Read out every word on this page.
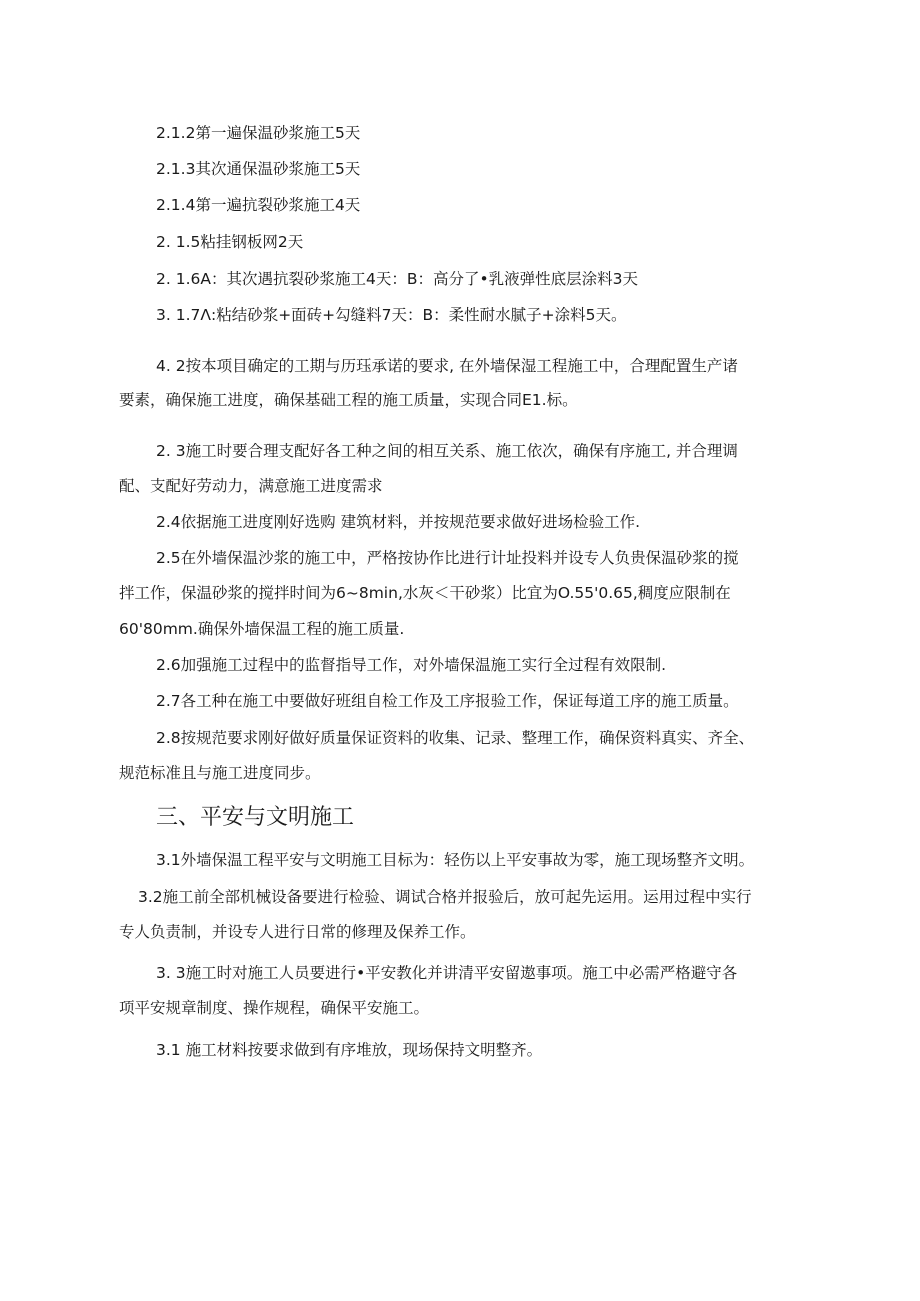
2.1.2第一遍保温砂浆施工5天
2.1.3其次通保温砂浆施工5天
2.1.4第一遍抗裂砂浆施工4天
2. 1.5粘挂钢板网2天
2. 1.6A：其次遇抗裂砂浆施工4天：B：高分了•乳液弹性底层涂料3天
3. 1.7Λ:粘结砂浆+面砖+勾缝料7天：B：柔性耐水腻子+涂料5天。
4. 2按本项目确定的工期与历珏承诺的要求, 在外墙保湿工程施工中，合理配置生产诸
要素，确保施工进度，确保基础工程的施工质量，实现合同E1.标。
2. 3施工时要合理支配好各工种之间的相互关系、施工依次，确保有序施工, 并合理调
配、支配好劳动力，满意施工进度需求
2.4依据施工进度刚好选购 建筑材料，并按规范要求做好进场检验工作.
2.5在外墙保温沙浆的施工中，严格按协作比进行计址投料并设专人负贵保温砂浆的搅
拌工作，保温砂浆的搅拌时间为6~8min,水灰＜干砂浆）比宜为O.55'0.65,稠度应限制在
60'80mm.确保外墙保温工程的施工质量.
2.6加强施工过程中的监督指导工作，对外墙保温施工实行全过程有效限制.
2.7各工种在施工中要做好班组自检工作及工序报验工作，保证每道工序的施工质量。
2.8按规范要求刚好做好质量保证资料的收集、记录、整理工作，确保资料真实、齐全、
规范标准且与施工进度同步。
三、平安与文明施工
3.1外墙保温工程平安与文明施工目标为：轻伤以上平安事故为零，施工现场整齐文明。
3.2施工前全部机械设备要进行检验、调试合格并报验后，放可起先运用。运用过程中实行
专人负责制，并设专人进行日常的修理及保养工作。
3. 3施工时对施工人员要进行•平安教化并讲清平安留遨事项。施工中必需严格避守各
项平安规章制度、操作规程，确保平安施工。
3.1 施工材料按要求做到有序堆放，现场保持文明整齐。
